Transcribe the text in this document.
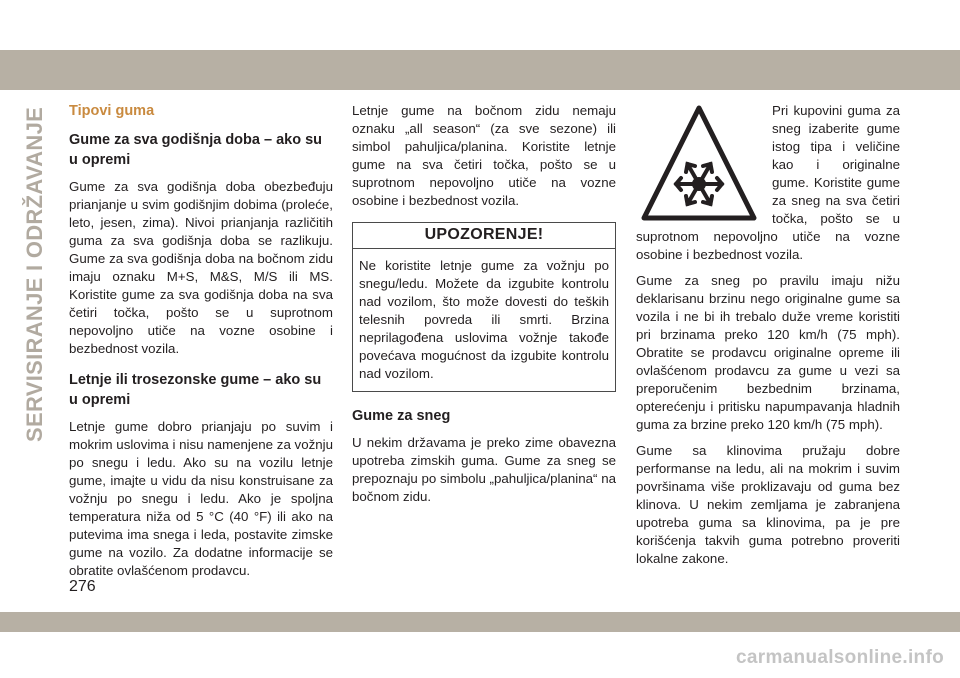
SERVISIRANJE I ODRŽAVANJE Tipovi guma
Gume za sva godišnja doba – ako su u opremi

Gume za sva godišnja doba obezbeđuju prianjanje u svim godišnjim dobima (proleće, leto, jesen, zima). Nivoi prianjanja različitih guma za sva godišnja doba se razlikuju. Gume za sva godišnja doba na bočnom zidu imaju oznaku M+S, M&S, M/S ili MS. Koristite gume za sva godišnja doba na sva četiri točka, pošto se u suprotnom nepovoljno utiče na vozne osobine i bezbednost vozila.

Letnje ili trosezonske gume – ako su u opremi

Letnje gume dobro prianjaju po suvim i mokrim uslovima i nisu namenjene za vožnju po snegu i ledu. Ako su na vozilu letnje gume, imajte u vidu da nisu konstruisane za vožnju po snegu i ledu. Ako je spoljna temperatura niža od 5 °C (40 °F) ili ako na putevima ima snega i leda, postavite zimske gume na vozilo. Za dodatne informacije se obratite ovlašćenom prodavcu.

Letnje gume na bočnom zidu nemaju oznaku „all season“ (za sve sezone) ili simbol pahuljica/planina. Koristite letnje gume na sva četiri točka, pošto se u suprotnom nepovoljno utiče na vozne osobine i bezbednost vozila.

UPOZORENJE!

Ne koristite letnje gume za vožnju po snegu/ledu. Možete da izgubite kontrolu nad vozilom, što može dovesti do teških telesnih povreda ili smrti. Brzina neprilagođena uslovima vožnje takođe povećava mogućnost da izgubite kontrolu nad vozilom.

Gume za sneg

U nekim državama je preko zime obavezna upotreba zimskih guma. Gume za sneg se prepoznaju po simbolu „pahuljica/planina“ na bočnom zidu.

Pri kupovini guma za sneg izaberite gume istog tipa i veličine kao i originalne gume. Koristite gume za sneg na sva četiri točka, pošto se u suprotnom nepovoljno utiče na vozne osobine i bezbednost vozila.

Gume za sneg po pravilu imaju nižu deklarisanu brzinu nego originalne gume sa vozila i ne bi ih trebalo duže vreme koristiti pri brzinama preko 120 km/h (75 mph). Obratite se prodavcu originalne opreme ili ovlašćenom prodavcu za gume u vezi sa preporučenim bezbednim brzinama, opterećenju i pritisku napumpavanja hladnih guma za brzine preko 120 km/h (75 mph).

Gume sa klinovima pružaju dobre performanse na ledu, ali na mokrim i suvim površinama više proklizavaju od guma bez klinova. U nekim zemljama je zabranjena upotreba guma sa klinovima, pa je pre korišćenja takvih guma potrebno proveriti lokalne zakone.

276
carmanualsonline.info
